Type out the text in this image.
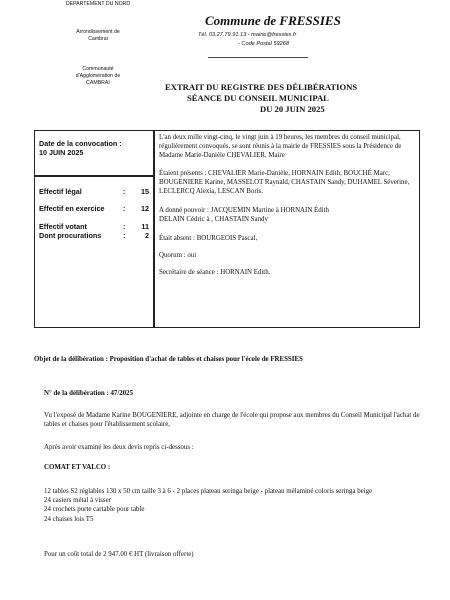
DEPARTEMENT DU NORD
Arrondissement de
Cambrai
Communauté
d'Agglomération de
CAMBRAI
Commune de FRESSIES
Tél. 03.27.79.91.13 - mairie@fressies.fr
- Code Postal 59268
EXTRAIT DU REGISTRE DES DÉLIBÉRATIONS
SÉANCE DU CONSEIL MUNICIPAL
DU 20 JUIN 2025
Date de la convocation :
10 JUIN 2025
Effectif légal	: 15
Effectif en exercice	: 12
Effectif votant	: 11
Dont procurations	:	2
L'an deux mille vingt-cinq, le vingt juin à 19 heures, les membres du conseil municipal, régulièrement convoqués, se sont réunis à la mairie de FRESSIES sous la Présidence de Madame Marie-Danièle CHEVALIER, Maire
Étaient présents : CHEVALIER Marie-Danièle, HORNAIN Edith, BOUCHÉ Marc, BOUGENIERE Karine, MASSELOT Raynald, CHASTAIN Sandy, DUHAMEL Séverine, LECLERCQ Alexia, LESCAN Boris.
A donné pouvoir : JACQUEMIN Martine à HORNAIN Édith
DELAIN Cédric à , CHASTAIN Sandy
Était absent : BOURGEOIS Pascal,
Quorum : oui
Secrétaire de séance : HORNAIN Edith.
Objet de la délibération : Proposition d'achat de tables et chaises pour l'école de FRESSIES
N° de la délibération : 47/2025
Vu l'exposé de Madame Karine BOUGENIERE, adjointe en charge de l'école qui propose aux membres du Conseil Municipal l'achat de tables et chaises pour l'établissement scolaire,
Après avoir examiné les deux devis repris ci-dessous :
COMAT ET VALCO :
12 tables S2 réglables 130 x 50 cm taille 3 à 6 - 2 places plateau seringa beige - plateau mélaminé coloris seringa beige
24 casiers métal à visser
24 crochets porte cartable pour table
24 chaises lois T5
Pour un coût total de 2 947.00 € HT (livraison offerte)
